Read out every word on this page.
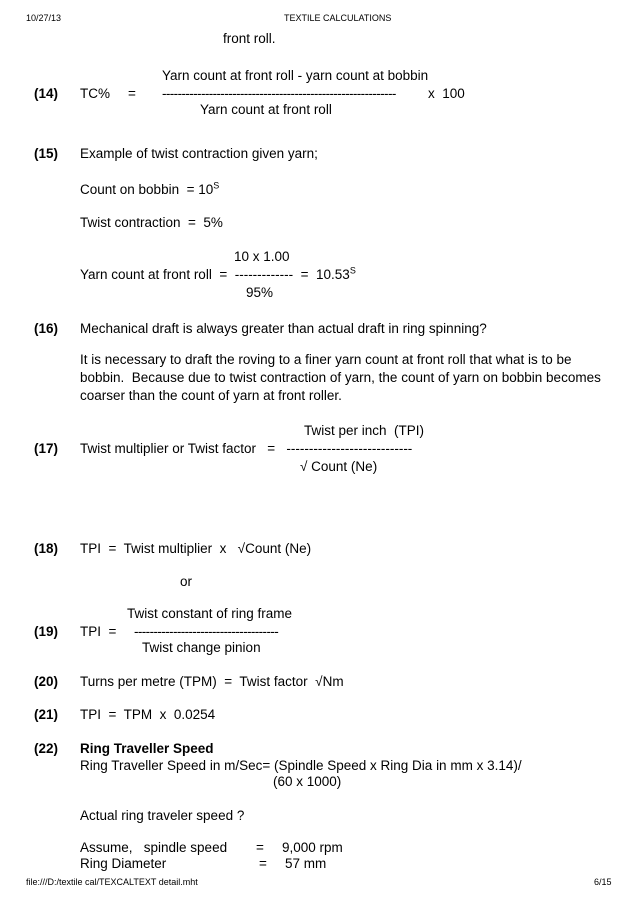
10/27/13	TEXTILE CALCULATIONS
front roll.
Yarn count at front roll - yarn count at bobbin
(14) TC% = ------------------------------------------------------------ x  100
Yarn count at front roll
(15) Example of twist contraction given yarn;
Count on bobbin  = $10^S$
Twist contraction  =  5%
10 x 1.00
Yarn count at front roll  =  -------------  =  $10.53^S$
95%
(16) Mechanical draft is always greater than actual draft in ring spinning?
It is necessary to draft the roving to a finer yarn count at front roll that what is to be
bobbin.  Because due to twist contraction of yarn, the count of yarn on bobbin becomes
coarser than the count of yarn at front roller.
Twist per inch  (TPI)
(17) Twist multiplier or Twist factor   =   ----------------------------
√ Count (Ne)
(18) TPI  =  Twist multiplier  x   √Count (Ne)
or
Twist constant of ring frame
(19) TPI  = -------------------------------------
Twist change pinion
(20) Turns per metre (TPM)  =  Twist factor  √Nm
(21) TPI  =  TPM  x  0.0254
(22) Ring Traveller Speed
Ring Traveller Speed in m/Sec= (Spindle Speed x Ring Dia in mm x 3.14)/
(60 x 1000)
Actual ring traveler speed ?
Assume,   spindle speed = 9,000 rpm
Ring Diameter	= 57 mm
file:///D:/textile cal/TEXCALTEXT detail.mht	6/15
